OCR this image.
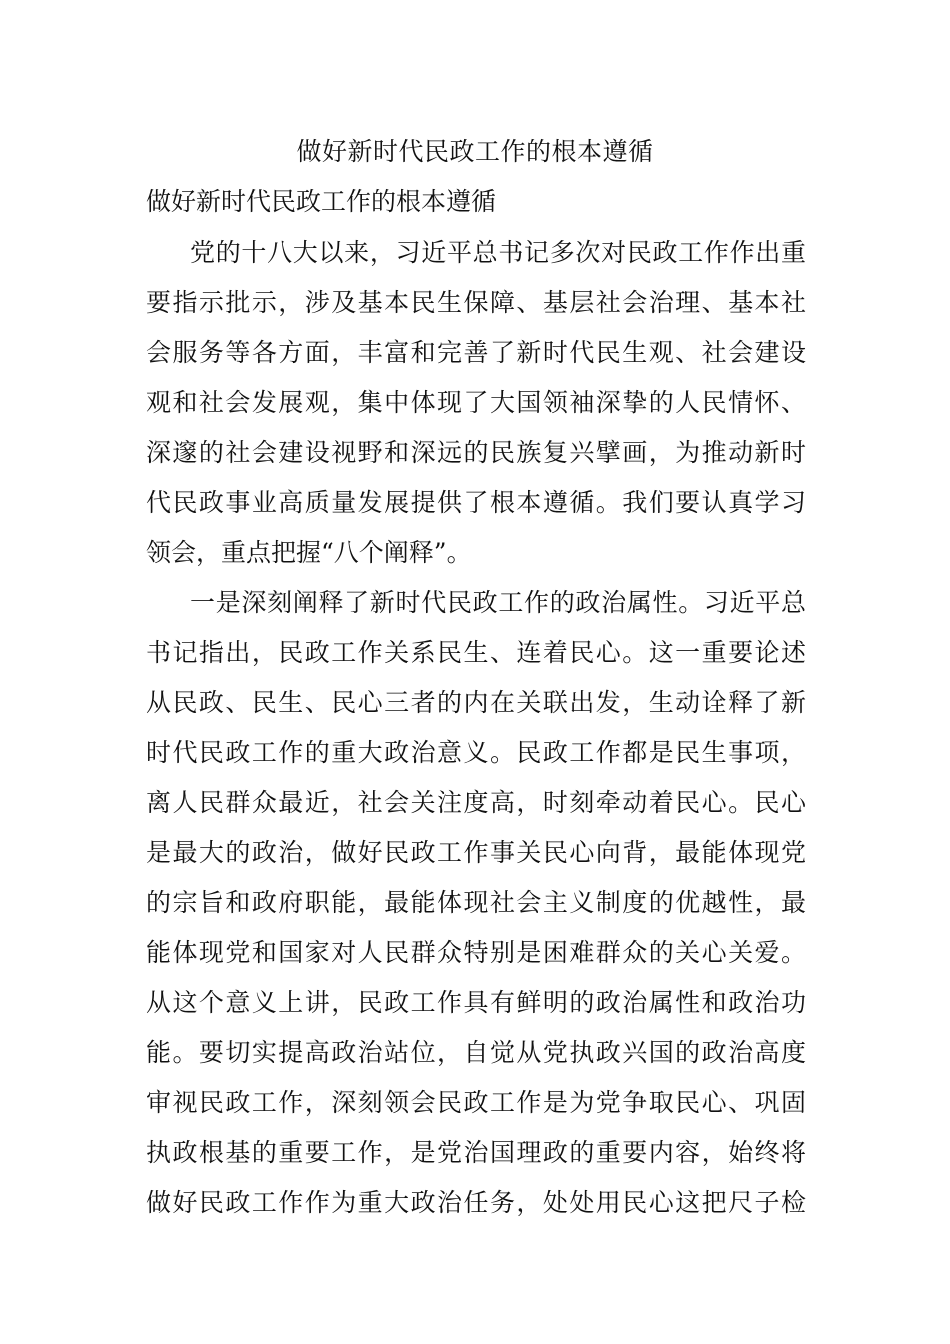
做好新时代民政工作的根本遵循
做好新时代民政工作的根本遵循
党的十八大以来，习近平总书记多次对民政工作作出重
要指示批示，涉及基本民生保障、基层社会治理、基本社
会服务等各方面，丰富和完善了新时代民生观、社会建设
观和社会发展观，集中体现了大国领袖深挚的人民情怀、
深邃的社会建设视野和深远的民族复兴擘画，为推动新时
代民政事业高质量发展提供了根本遵循。我们要认真学习
领会，重点把握“八个阐释”。
一是深刻阐释了新时代民政工作的政治属性。习近平总
书记指出，民政工作关系民生、连着民心。这一重要论述
从民政、民生、民心三者的内在关联出发，生动诠释了新
时代民政工作的重大政治意义。民政工作都是民生事项，
离人民群众最近，社会关注度高，时刻牵动着民心。民心
是最大的政治，做好民政工作事关民心向背，最能体现党
的宗旨和政府职能，最能体现社会主义制度的优越性，最
能体现党和国家对人民群众特别是困难群众的关心关爱。
从这个意义上讲，民政工作具有鲜明的政治属性和政治功
能。要切实提高政治站位，自觉从党执政兴国的政治高度
审视民政工作，深刻领会民政工作是为党争取民心、巩固
执政根基的重要工作，是党治国理政的重要内容，始终将
做好民政工作作为重大政治任务，处处用民心这把尺子检
